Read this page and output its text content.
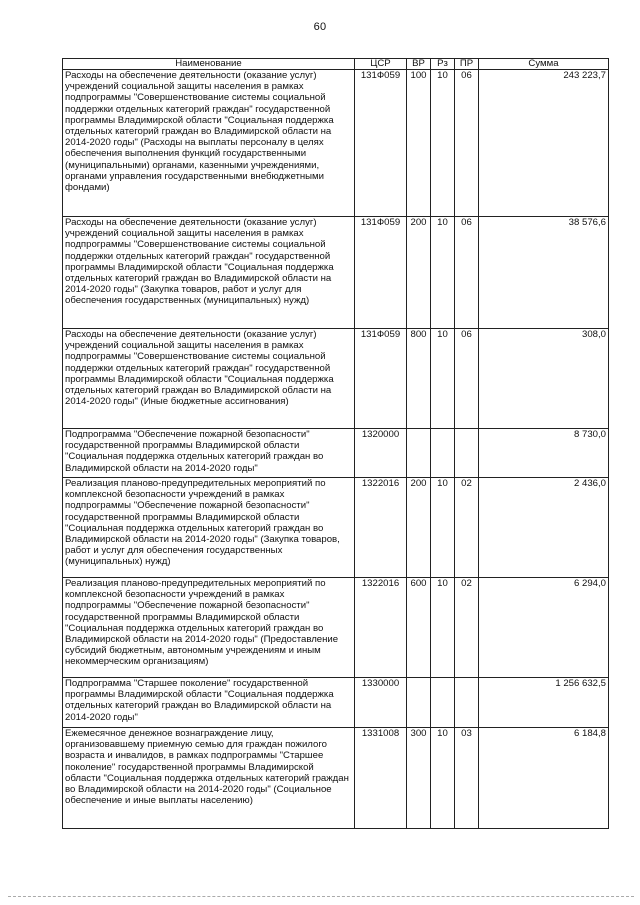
60
Наименование	ЦСР	ВР	Рз	ПР	Сумма
Расходы на обеспечение деятельности (оказание услуг) учреждений социальной защиты населения в рамках подпрограммы "Совершенствование системы социальной поддержки отдельных категорий граждан" государственной программы Владимирской области "Социальная поддержка отдельных категорий граждан во Владимирской области на 2014-2020 годы" (Расходы на выплаты персоналу в целях обеспечения выполнения функций государственными (муниципальными) органами, казенными учреждениями, органами управления государственными внебюджетными фондами)	131Ф059	100	10	06	243 223,7
Расходы на обеспечение деятельности (оказание услуг) учреждений социальной защиты населения в рамках подпрограммы "Совершенствование системы социальной поддержки отдельных категорий граждан" государственной программы Владимирской области "Социальная поддержка отдельных категорий граждан во Владимирской области на 2014-2020 годы" (Закупка товаров, работ и услуг для обеспечения государственных (муниципальных) нужд)	131Ф059	200	10	06	38 576,6
Расходы на обеспечение деятельности (оказание услуг) учреждений социальной защиты населения в рамках подпрограммы "Совершенствование системы социальной поддержки отдельных категорий граждан" государственной программы Владимирской области "Социальная поддержка отдельных категорий граждан во Владимирской области на 2014-2020 годы" (Иные бюджетные ассигнования)	131Ф059	800	10	06	308,0
Подпрограмма "Обеспечение пожарной безопасности" государственной программы Владимирской области "Социальная поддержка отдельных категорий граждан во Владимирской области на 2014-2020 годы"	1320000				8 730,0
Реализация планово-предупредительных мероприятий по комплексной безопасности учреждений в рамках подпрограммы "Обеспечение пожарной безопасности" государственной программы Владимирской области "Социальная поддержка отдельных категорий граждан во Владимирской области на 2014-2020 годы" (Закупка товаров, работ и услуг для обеспечения государственных (муниципальных) нужд)	1322016	200	10	02	2 436,0
Реализация планово-предупредительных мероприятий по комплексной безопасности учреждений в рамках подпрограммы "Обеспечение пожарной безопасности" государственной программы Владимирской области "Социальная поддержка отдельных категорий граждан во Владимирской области на 2014-2020 годы" (Предоставление субсидий бюджетным, автономным учреждениям и иным некоммерческим организациям)	1322016	600	10	02	6 294,0
Подпрограмма "Старшее поколение" государственной программы Владимирской области "Социальная поддержка отдельных категорий граждан во Владимирской области на 2014-2020 годы"	1330000				1 256 632,5
Ежемесячное денежное вознаграждение лицу, организовавшему приемную семью для граждан пожилого возраста и инвалидов, в рамках подпрограммы "Старшее поколение" государственной программы Владимирской области "Социальная поддержка отдельных категорий граждан во Владимирской области на 2014-2020 годы" (Социальное обеспечение и иные выплаты населению)	1331008	300	10	03	6 184,8
